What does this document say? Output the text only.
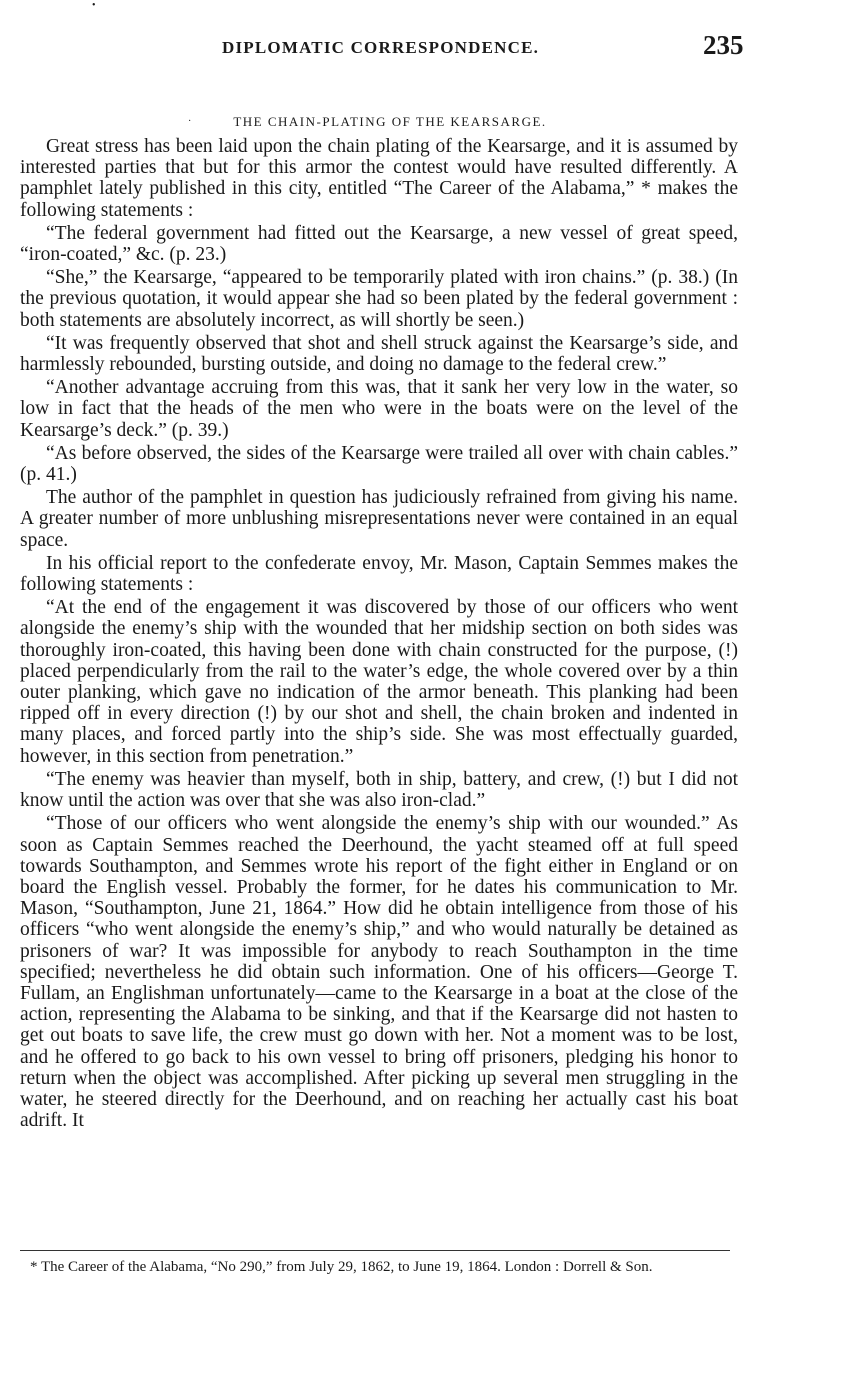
•
DIPLOMATIC CORRESPONDENCE.	235
·	THE CHAIN-PLATING OF THE KEARSARGE.

Great stress has been laid upon the chain plating of the Kearsarge, and it is assumed by interested parties that but for this armor the contest would have resulted differently. A pamphlet lately published in this city, entitled “The Career of the Alabama,” * makes the following statements :

“The federal government had fitted out the Kearsarge, a new vessel of great speed, “iron-coated,” &c. (p. 23.)

“She,” the Kearsarge, “appeared to be temporarily plated with iron chains.” (p. 38.) (In the previous quotation, it would appear she had so been plated by the federal government : both statements are absolutely incorrect, as will shortly be seen.)

“It was frequently observed that shot and shell struck against the Kearsarge’s side, and harmlessly rebounded, bursting outside, and doing no damage to the federal crew.”

“Another advantage accruing from this was, that it sank her very low in the water, so low in fact that the heads of the men who were in the boats were on the level of the Kearsarge’s deck.” (p. 39.)

“As before observed, the sides of the Kearsarge were trailed all over with chain cables.” (p. 41.)

The author of the pamphlet in question has judiciously refrained from giving his name. A greater number of more unblushing misrepresentations never were contained in an equal space.

In his official report to the confederate envoy, Mr. Mason, Captain Semmes makes the following statements :

“At the end of the engagement it was discovered by those of our officers who went alongside the enemy’s ship with the wounded that her midship section on both sides was thoroughly iron-coated, this having been done with chain constructed for the purpose, (!) placed perpendicularly from the rail to the water’s edge, the whole covered over by a thin outer planking, which gave no indication of the armor beneath. This planking had been ripped off in every direction (!) by our shot and shell, the chain broken and indented in many places, and forced partly into the ship’s side. She was most effectually guarded, however, in this section from penetration.”

“The enemy was heavier than myself, both in ship, battery, and crew, (!) but I did not know until the action was over that she was also iron-clad.”

“Those of our officers who went alongside the enemy’s ship with our wounded.” As soon as Captain Semmes reached the Deerhound, the yacht steamed off at full speed towards Southampton, and Semmes wrote his report of the fight either in England or on board the English vessel. Probably the former, for he dates his communication to Mr. Mason, “Southampton, June 21, 1864.” How did he obtain intelligence from those of his officers “who went alongside the enemy’s ship,” and who would naturally be detained as prisoners of war? It was impossible for anybody to reach Southampton in the time specified; nevertheless he did obtain such information. One of his officers—George T. Fullam, an Englishman unfortunately—came to the Kearsarge in a boat at the close of the action, representing the Alabama to be sinking, and that if the Kearsarge did not hasten to get out boats to save life, the crew must go down with her. Not a moment was to be lost, and he offered to go back to his own vessel to bring off prisoners, pledging his honor to return when the object was accomplished. After picking up several men struggling in the water, he steered directly for the Deerhound, and on reaching her actually cast his boat adrift. It

* The Career of the Alabama, “No 290,” from July 29, 1862, to June 19, 1864. London : Dorrell & Son.
